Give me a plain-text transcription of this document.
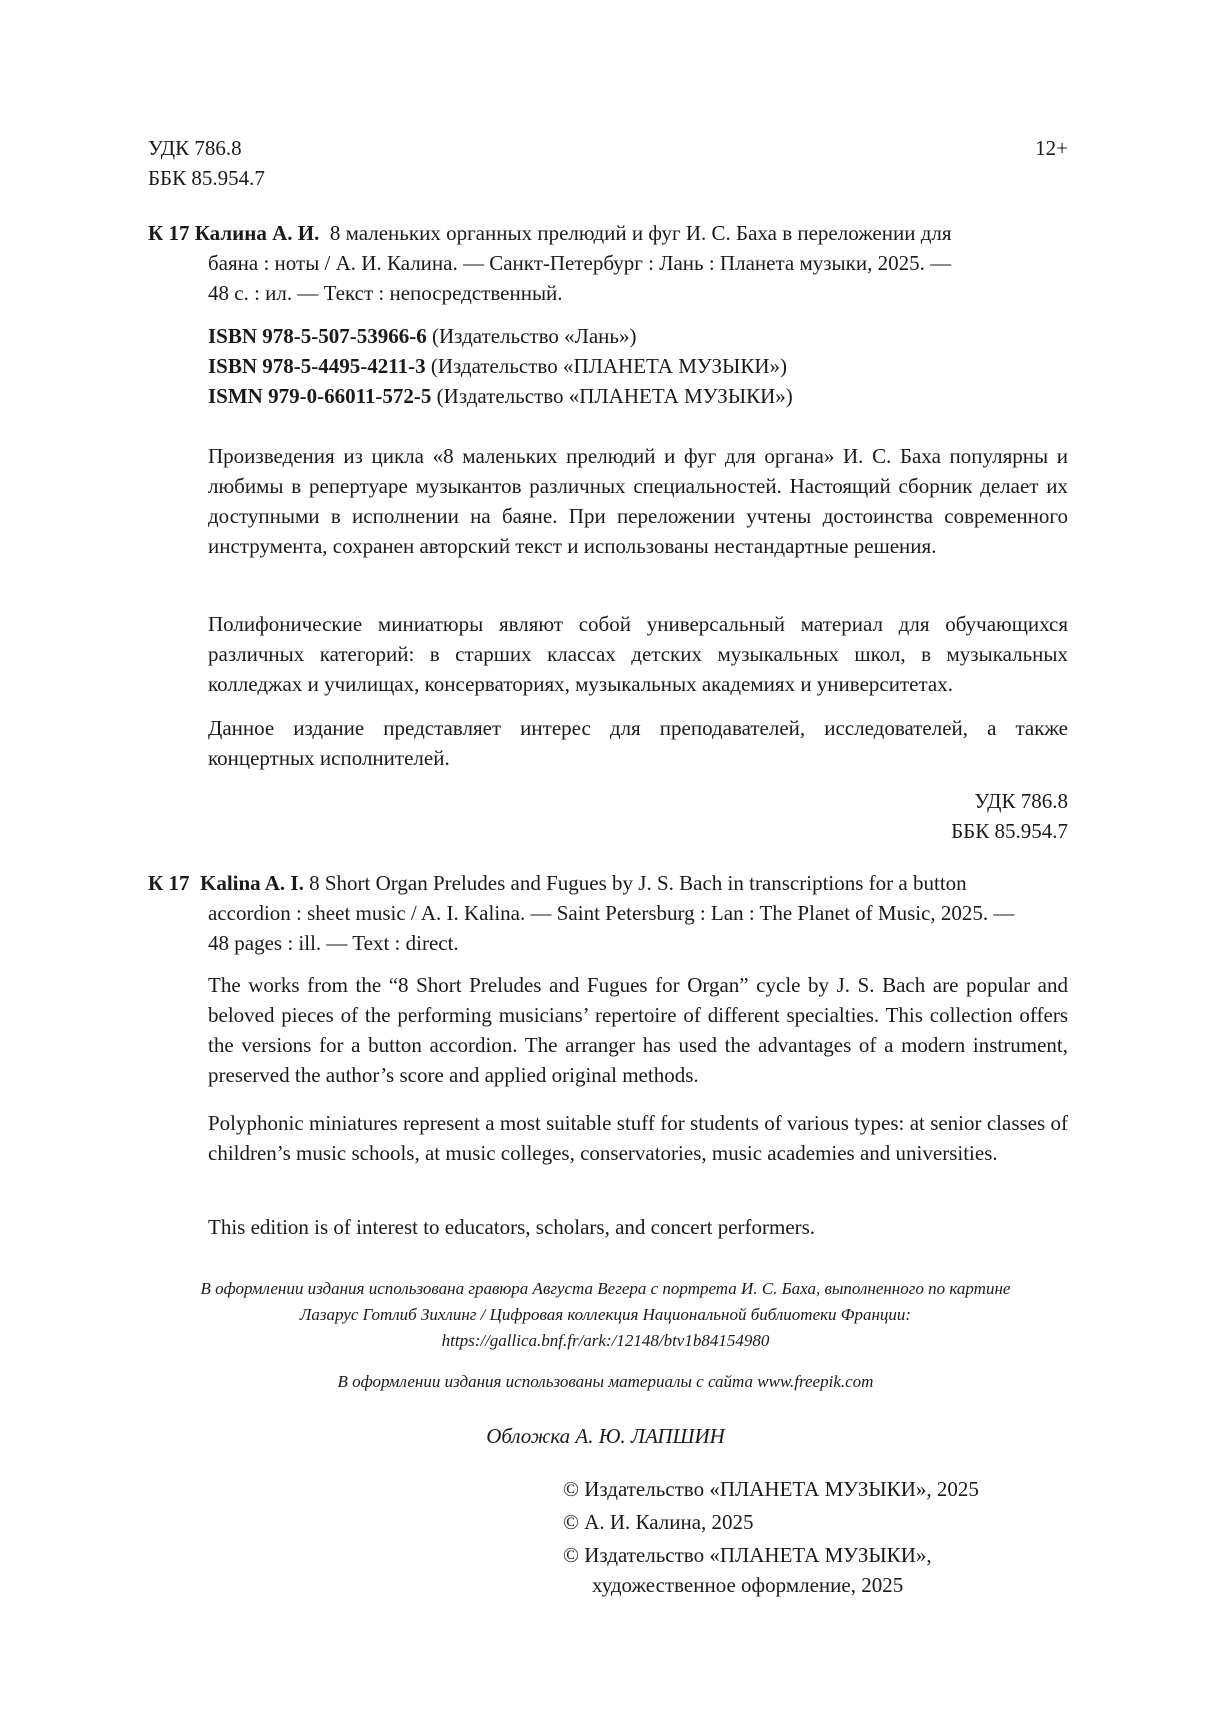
УДК 786.8
ББК 85.954.7
12+
К 17 Калина А. И. 8 маленьких органных прелюдий и фуг И. С. Баха в переложении для
баяна : ноты / А. И. Калина. — Санкт-Петербург : Лань : Планета музыки, 2025. —
48 с. : ил. — Текст : непосредственный.
ISBN 978-5-507-53966-6 (Издательство «Лань»)
ISBN 978-5-4495-4211-3 (Издательство «ПЛАНЕТА МУЗЫКИ»)
ISMN 979-0-66011-572-5 (Издательство «ПЛАНЕТА МУЗЫКИ»)

Произведения из цикла «8 маленьких прелюдий и фуг для органа» И. С. Баха популярны и любимы в репертуаре музыкантов различных специальностей. Настоящий сборник делает их доступными в исполнении на баяне. При переложении учтены достоинства современного инструмента, сохранен авторский текст и использованы нестандартные решения.

Полифонические миниатюры являют собой универсальный материал для обучающихся различных категорий: в старших классах детских музыкальных школ, в музыкальных колледжах и училищах, консерваториях, музыкальных академиях и университетах.

Данное издание представляет интерес для преподавателей, исследователей, а также концертных исполнителей.

УДК 786.8
ББК 85.954.7
К 17 Kalina A. I. 8 Short Organ Preludes and Fugues by J. S. Bach in transcriptions for a button
accordion : sheet music / A. I. Kalina. — Saint Petersburg : Lan : The Planet of Music, 2025. —
48 pages : ill. — Text : direct.

The works from the “8 Short Preludes and Fugues for Organ” cycle by J. S. Bach are popular and beloved pieces of the performing musicians’ repertoire of different specialties. This collection offers the versions for a button accordion. The arranger has used the advantages of a modern instrument, preserved the author’s score and applied original methods.

Polyphonic miniatures represent a most suitable stuff for students of various types: at senior classes of children’s music schools, at music colleges, conservatories, music academies and universities.

This edition is of interest to educators, scholars, and concert performers.

В оформлении издания использована гравюра Августа Вегера с портрета И. С. Баха, выполненного по картине
Лазарус Готлиб Зихлинг / Цифровая коллекция Национальной библиотеки Франции:
https://gallica.bnf.fr/ark:/12148/btv1b84154980
В оформлении издания использованы материалы с сайта www.freepik.com
Обложка А. Ю. ЛАПШИН
© Издательство «ПЛАНЕТА МУЗЫКИ», 2025
© А. И. Калина, 2025
© Издательство «ПЛАНЕТА МУЗЫКИ»,
художественное оформление, 2025
